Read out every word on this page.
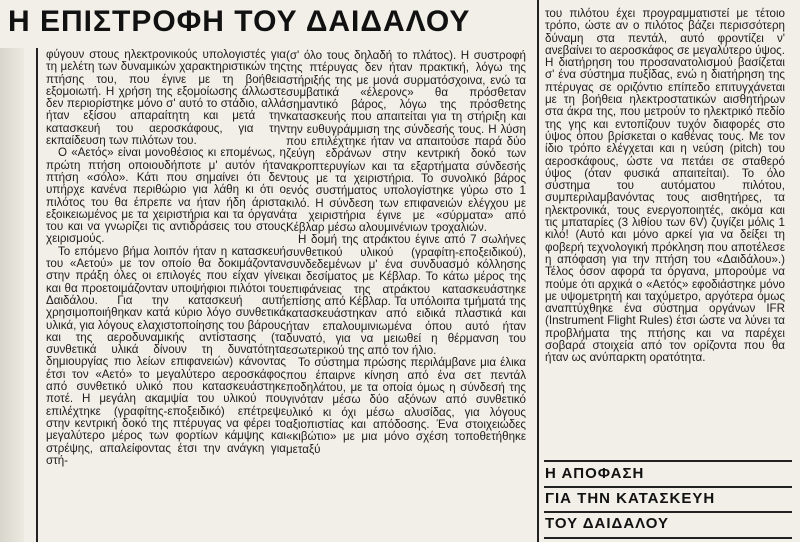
Η ΕΠΙΣΤΡΟΦΗ ΤΟΥ ΔΑΙΔΑΛΟΥ

φύγουν στους ηλεκτρονικούς υπολογιστές για τη μελέτη των δυναμικών χαρακτηριστικών της πτήσης του, που έγινε με τη βοήθεια εξομοιωτή. Η χρήση της εξομοίωσης άλλωστε δεν περιορίστηκε μόνο σ' αυτό το στάδιο, αλλά ήταν εξίσου απαραίτητη και μετά την κατασκευή του αεροσκάφους, για την εκπαίδευση των πιλότων του.

Ο «Αετός» είναι μονοθέσιος κι επομένως, η πρώτη πτήση οποιουδήποτε μ' αυτόν ήταν πτήση «σόλο». Κάτι που σημαίνει ότι δεν υπήρχε κανένα περιθώριο για λάθη κι ότι ο πιλότος του θα έπρεπε να ήταν ήδη άριστα εξοικειωμένος με τα χειριστήρια και τα όργανά του και να γνωρίζει τις αντιδράσεις του στους χειρισμούς.

Το επόμενο βήμα λοιπόν ήταν η κατασκευή του «Αετού» με τον οποίο θα δοκιμάζονταν στην πράξη όλες οι επιλογές που είχαν γίνει και θα προετοιμάζονταν υποψήφιοι πιλότοι του Δαιδάλου. Για την κατασκευή αυτή χρησιμοποιήθηκαν κατά κύριο λόγο συνθετικά υλικά, για λόγους ελαχιστοποίησης του βάρους και της αεροδυναμικής αντίστασης (τα συνθετικά υλικά δίνουν τη δυνατότητα δημιουργίας πιο λείων επιφανειών) κάνοντας έτσι τον «Αετό» το μεγαλύτερο αεροσκάφος από συνθετικό υλικό που κατασκευάστηκε ποτέ. Η μεγάλη ακαμψία του υλικού που επιλέχτηκε (γραφίτης-εποξειδικό) επέτρεψε στην κεντρική δοκό της πτέρυγας να φέρει το μεγαλύτερο μέρος των φορτίων κάμψης και στρέψης, απαλείφοντας έτσι την ανάγκη για στή-

(σ' όλο τους δηλαδή το πλάτος). Η συστροφή της πτέρυγας δεν ήταν πρακτική, λόγω της στήριξής της με μονά συρματόσχοινα, ενώ τα συμβατικά «έλερονς» θα πρόσθεταν σημαντικό βάρος, λόγω της πρόσθετης κατασκευής που απαιτείται για τη στήριξη και την ευθυγράμμιση της σύνδεσής τους. Η λύση που επιλέχτηκε ήταν να απαιτούσε παρά δύο ζεύγη εδράνων στην κεντρική δοκό των ακροπτερυγίων και τα εξαρτήματα σύνδεσής τους με τα χειριστήρια. Το συνολικό βάρος ενός συστήματος υπολογίστηκε γύρω στο 1 κιλό. Η σύνδεση των επιφανειών ελέγχου με τα χειριστήρια έγινε με «σύρματα» από Κέβλαρ μέσω αλουμινένιων τροχαλιών.

Η δομή της ατράκτου έγινε από 7 σωλήνες συνθετικού υλικού (γραφίτη-εποξειδικού), συνδεδεμένων μ' ένα συνδυασμό κόλλησης και δεσίματος με Κέβλαρ. Το κάτω μέρος της επιφάνειας της ατράκτου κατασκευάστηκε επίσης από Κέβλαρ. Τα υπόλοιπα τμήματά της κατασκευάστηκαν από ειδικά πλαστικά και ήταν επαλουμινιωμένα όπου αυτό ήταν δυνατό, για να μειωθεί η θέρμανση του εσωτερικού της από τον ήλιο.

Το σύστημα πρώσης περιλάμβανε μια έλικα που έπαιρνε κίνηση από ένα σετ πεντάλ ποδηλάτου, με τα οποία όμως η σύνδεσή της γινόταν μέσω δύο αξόνων από συνθετικό υλικό κι όχι μέσω αλυσίδας, για λόγους αξιοπιστίας και απόδοσης. Ένα στοιχειώδες «κιβώτιο» με μια μόνο σχέση τοποθετήθηκε μεταξύ

του πιλότου έχει προγραμματιστεί με τέτοιο τρόπο, ώστε αν ο πιλότος βάζει περισσότερη δύναμη στα πεντάλ, αυτό φροντίζει ν' ανεβαίνει το αεροσκάφος σε μεγαλύτερο ύψος. Η διατήρηση του προσανατολισμού βασίζεται σ' ένα σύστημα πυξίδας, ενώ η διατήρηση της πτέρυγας σε οριζόντιο επίπεδο επιτυγχάνεται με τη βοήθεια ηλεκτροστατικών αισθητήρων στα άκρα της, που μετρούν το ηλεκτρικό πεδίο της γης και εντοπίζουν τυχόν διαφορές στο ύψος όπου βρίσκεται ο καθένας τους. Με τον ίδιο τρόπο ελέγχεται και η νεύση (pitch) του αεροσκάφους, ώστε να πετάει σε σταθερό ύψος (όταν φυσικά απαιτείται). Το όλο σύστημα του αυτόματου πιλότου, συμπεριλαμβανόντας τους αισθητήρες, τα ηλεκτρονικά, τους ενεργοποιητές, ακόμα και τις μπαταρίες (3 λιθίου των 6V) ζυγίζει μόλις 1 κιλό! (Αυτό και μόνο αρκεί για να δείξει τη φοβερή τεχνολογική πρόκληση που αποτέλεσε η απόφαση για την πτήση του «Δαιδάλου».) Τέλος όσον αφορά τα όργανα, μπορούμε να πούμε ότι αρχικά ο «Αετός» εφοδιάστηκε μόνο με υψομετρητή και ταχύμετρο, αργότερα όμως αναπτύχθηκε ένα σύστημα οργάνων IFR (Instrument Flight Rules) έτσι ώστε να λύνει τα προβλήματα της πτήσης και να παρέχει σοβαρά στοιχεία από τον ορίζοντα που θα ήταν ως ανύπαρκτη ορατότητα.

Η ΑΠΟΦΑΣΗ
ΓΙΑ ΤΗΝ ΚΑΤΑΣΚΕΥΗ
ΤΟΥ ΔΑΙΔΑΛΟΥ
